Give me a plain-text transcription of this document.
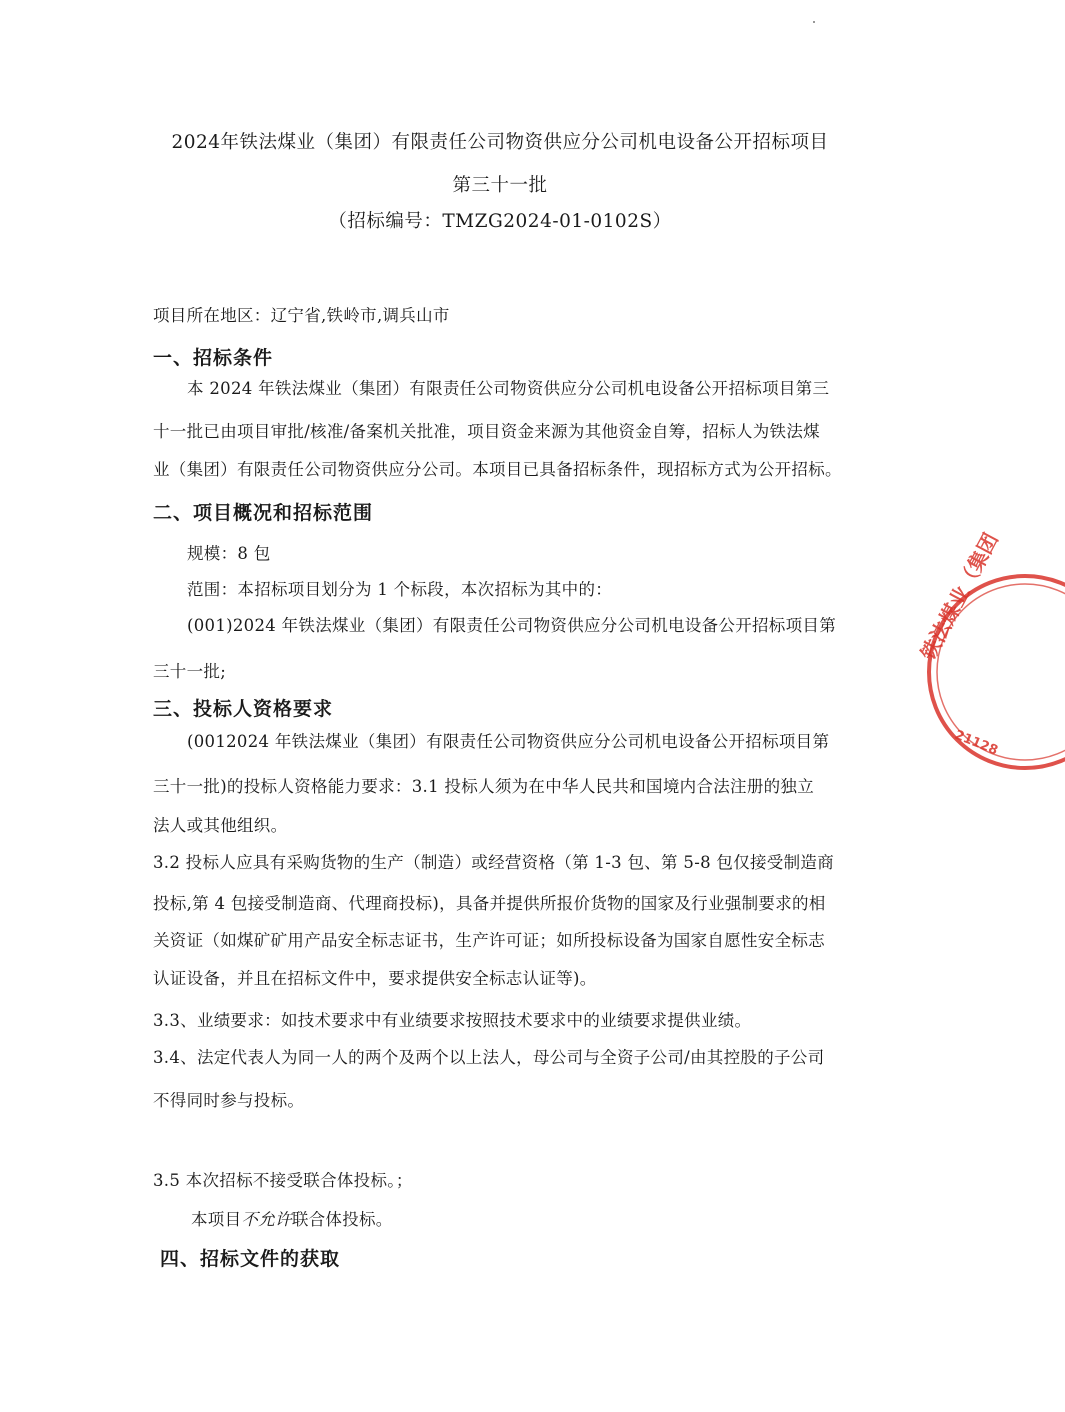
2024年铁法煤业（集团）有限责任公司物资供应分公司机电设备公开招标项目
第三十一批
（招标编号：TMZG2024-01-0102S）
项目所在地区：辽宁省,铁岭市,调兵山市
一、招标条件
本 2024 年铁法煤业（集团）有限责任公司物资供应分公司机电设备公开招标项目第三
十一批已由项目审批/核准/备案机关批准，项目资金来源为其他资金自筹，招标人为铁法煤
业（集团）有限责任公司物资供应分公司。本项目已具备招标条件，现招标方式为公开招标。
二、项目概况和招标范围
规模：8 包
范围：本招标项目划分为 1 个标段，本次招标为其中的：
(001)2024 年铁法煤业（集团）有限责任公司物资供应分公司机电设备公开招标项目第
三十一批;
三、投标人资格要求
(0012024 年铁法煤业（集团）有限责任公司物资供应分公司机电设备公开招标项目第
三十一批)的投标人资格能力要求：3.1 投标人须为在中华人民共和国境内合法注册的独立
法人或其他组织。
3.2 投标人应具有采购货物的生产（制造）或经营资格（第 1-3 包、第 5-8 包仅接受制造商
投标,第 4 包接受制造商、代理商投标)，具备并提供所报价货物的国家及行业强制要求的相
关资证（如煤矿矿用产品安全标志证书，生产许可证；如所投标设备为国家自愿性安全标志
认证设备，并且在招标文件中，要求提供安全标志认证等)。
3.3、业绩要求：如技术要求中有业绩要求按照技术要求中的业绩要求提供业绩。
3.4、法定代表人为同一人的两个及两个以上法人，母公司与全资子公司/由其控股的子公司
不得同时参与投标。
3.5 本次招标不接受联合体投标。；
本项目不允许联合体投标。
四、招标文件的获取
铁法煤业（集团
21128
